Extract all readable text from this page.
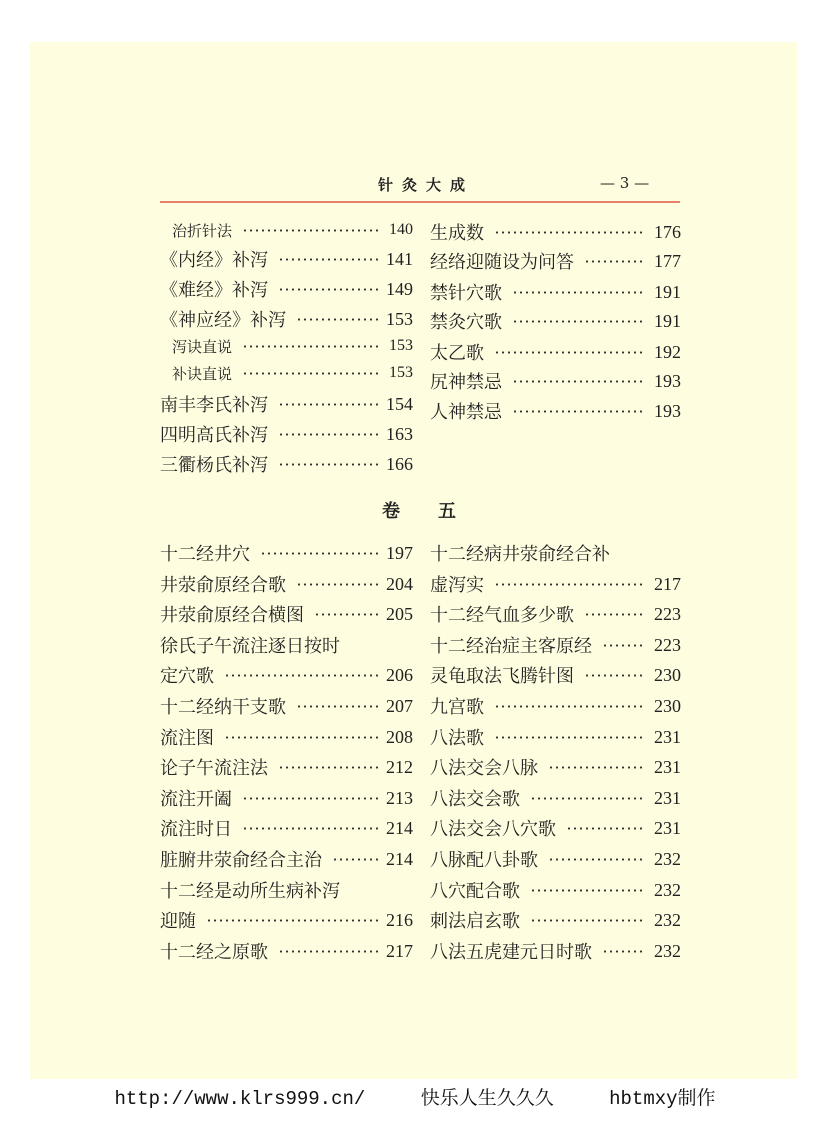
针灸大成	— 3 —
治折针法	140
《内经》补泻	141
《难经》补泻	149
《神应经》补泻	153
泻诀直说	153
补诀直说	153
南丰李氏补泻	154
四明高氏补泻	163
三衢杨氏补泻	166
生成数	176
经络迎随设为问答	177
禁针穴歌	191
禁灸穴歌	191
太乙歌	192
尻神禁忌	193
人神禁忌	193
卷五
十二经井穴	197
井荥俞原经合歌	204
井荥俞原经合横图	205
徐氏子午流注逐日按时
定穴歌	206
十二经纳干支歌	207
流注图	208
论子午流注法	212
流注开阖	213
流注时日	214
脏腑井荥俞经合主治	214
十二经是动所生病补泻
迎随	216
十二经之原歌	217
十二经病井荥俞经合补
虚泻实	217
十二经气血多少歌	223
十二经治症主客原经	223
灵龟取法飞腾针图	230
九宫歌	230
八法歌	231
八法交会八脉	231
八法交会歌	231
八法交会八穴歌	231
八脉配八卦歌	232
八穴配合歌	232
刺法启玄歌	232
八法五虎建元日时歌	232
http://www.klrs999.cn/	快乐人生久久久	hbtmxy制作
